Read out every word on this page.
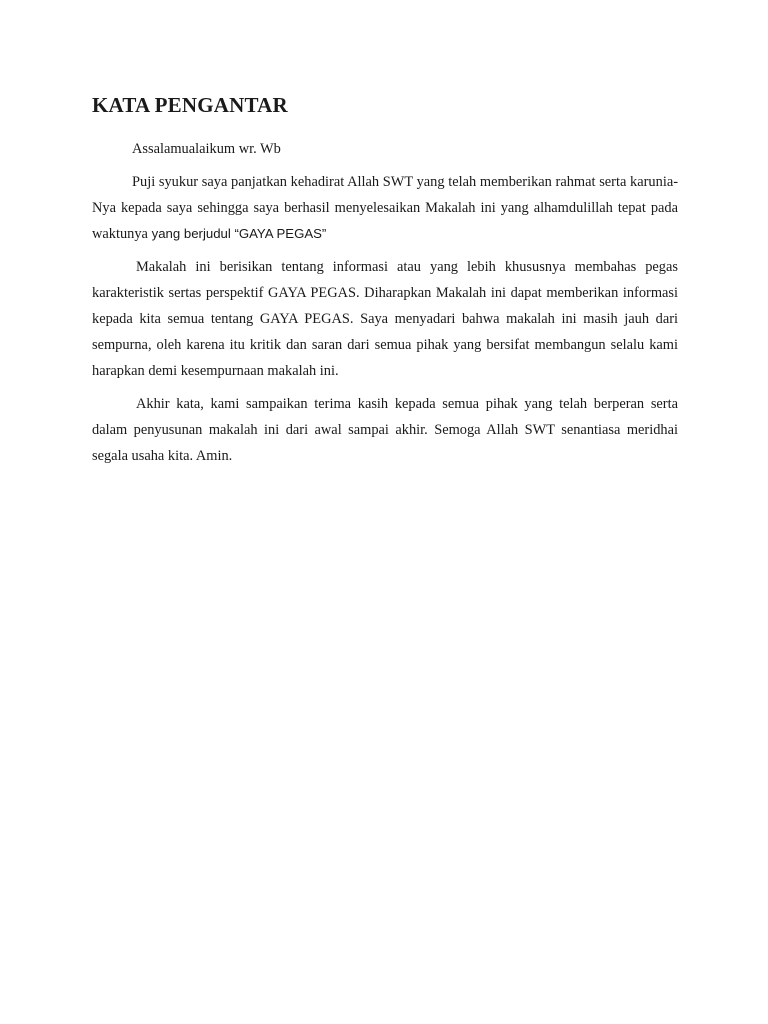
KATA PENGANTAR

Assalamualaikum wr. Wb

Puji syukur saya panjatkan kehadirat Allah SWT yang telah memberikan rahmat serta karunia-Nya kepada saya sehingga saya berhasil menyelesaikan Makalah ini yang alhamdulillah tepat pada waktunya yang berjudul “GAYA PEGAS”

Makalah ini berisikan tentang informasi atau yang lebih khususnya membahas pegas karakteristik sertas perspektif GAYA PEGAS. Diharapkan Makalah ini dapat memberikan informasi kepada kita semua tentang GAYA PEGAS. Saya menyadari bahwa makalah ini masih jauh dari sempurna, oleh karena itu kritik dan saran dari semua pihak yang bersifat membangun selalu kami harapkan demi kesempurnaan makalah ini.

Akhir kata, kami sampaikan terima kasih kepada semua pihak yang telah berperan serta dalam penyusunan makalah ini dari awal sampai akhir. Semoga Allah SWT senantiasa meridhai segala usaha kita. Amin.
